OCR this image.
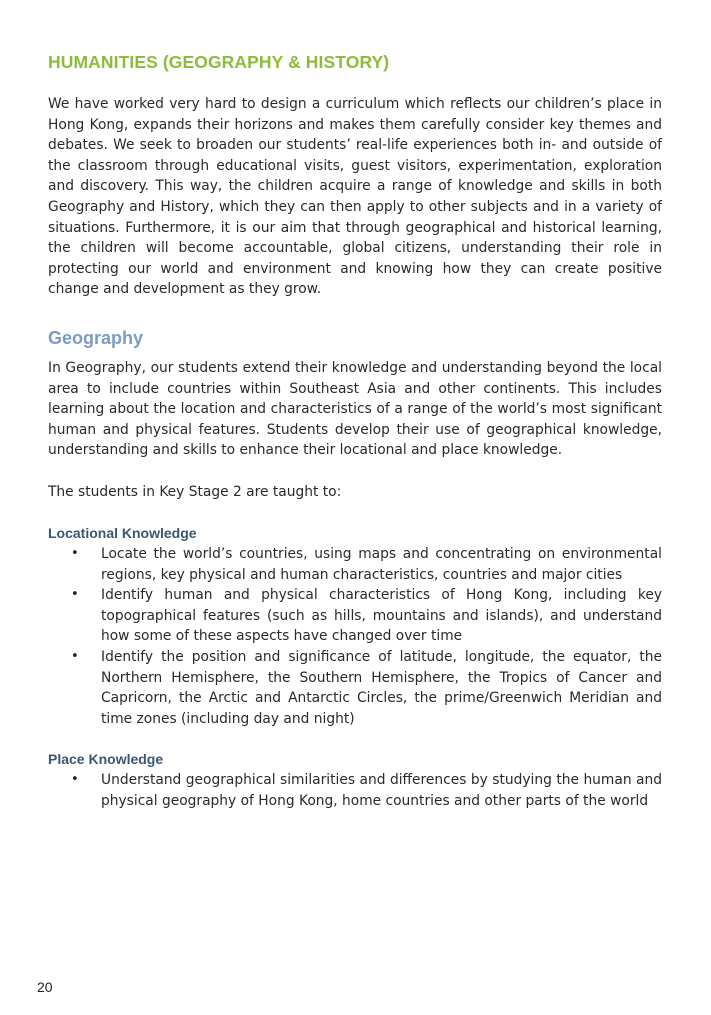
HUMANITIES (GEOGRAPHY & HISTORY)

We have worked very hard to design a curriculum which reflects our children’s place in Hong Kong, expands their horizons and makes them carefully consider key themes and debates. We seek to broaden our students’ real-life experiences both in- and outside of the classroom through educational visits, guest visitors, experimentation, exploration and discovery. This way, the children acquire a range of knowledge and skills in both Geography and History, which they can then apply to other subjects and in a variety of situations. Furthermore, it is our aim that through geographical and historical learning, the children will become accountable, global citizens, understanding their role in protecting our world and environment and knowing how they can create positive change and development as they grow.

Geography

In Geography, our students extend their knowledge and understanding beyond the local area to include countries within Southeast Asia and other continents. This includes learning about the location and characteristics of a range of the world’s most significant human and physical features. Students develop their use of geographical knowledge, understanding and skills to enhance their locational and place knowledge.

The students in Key Stage 2 are taught to:

Locational Knowledge
• Locate the world’s countries, using maps and concentrating on environmental regions, key physical and human characteristics, countries and major cities
• Identify human and physical characteristics of Hong Kong, including key topographical features (such as hills, mountains and islands), and understand how some of these aspects have changed over time
• Identify the position and significance of latitude, longitude, the equator, the Northern Hemisphere, the Southern Hemisphere, the Tropics of Cancer and Capricorn, the Arctic and Antarctic Circles, the prime/Greenwich Meridian and time zones (including day and night)
Place Knowledge
• Understand geographical similarities and differences by studying the human and physical geography of Hong Kong, home countries and other parts of the world
20
